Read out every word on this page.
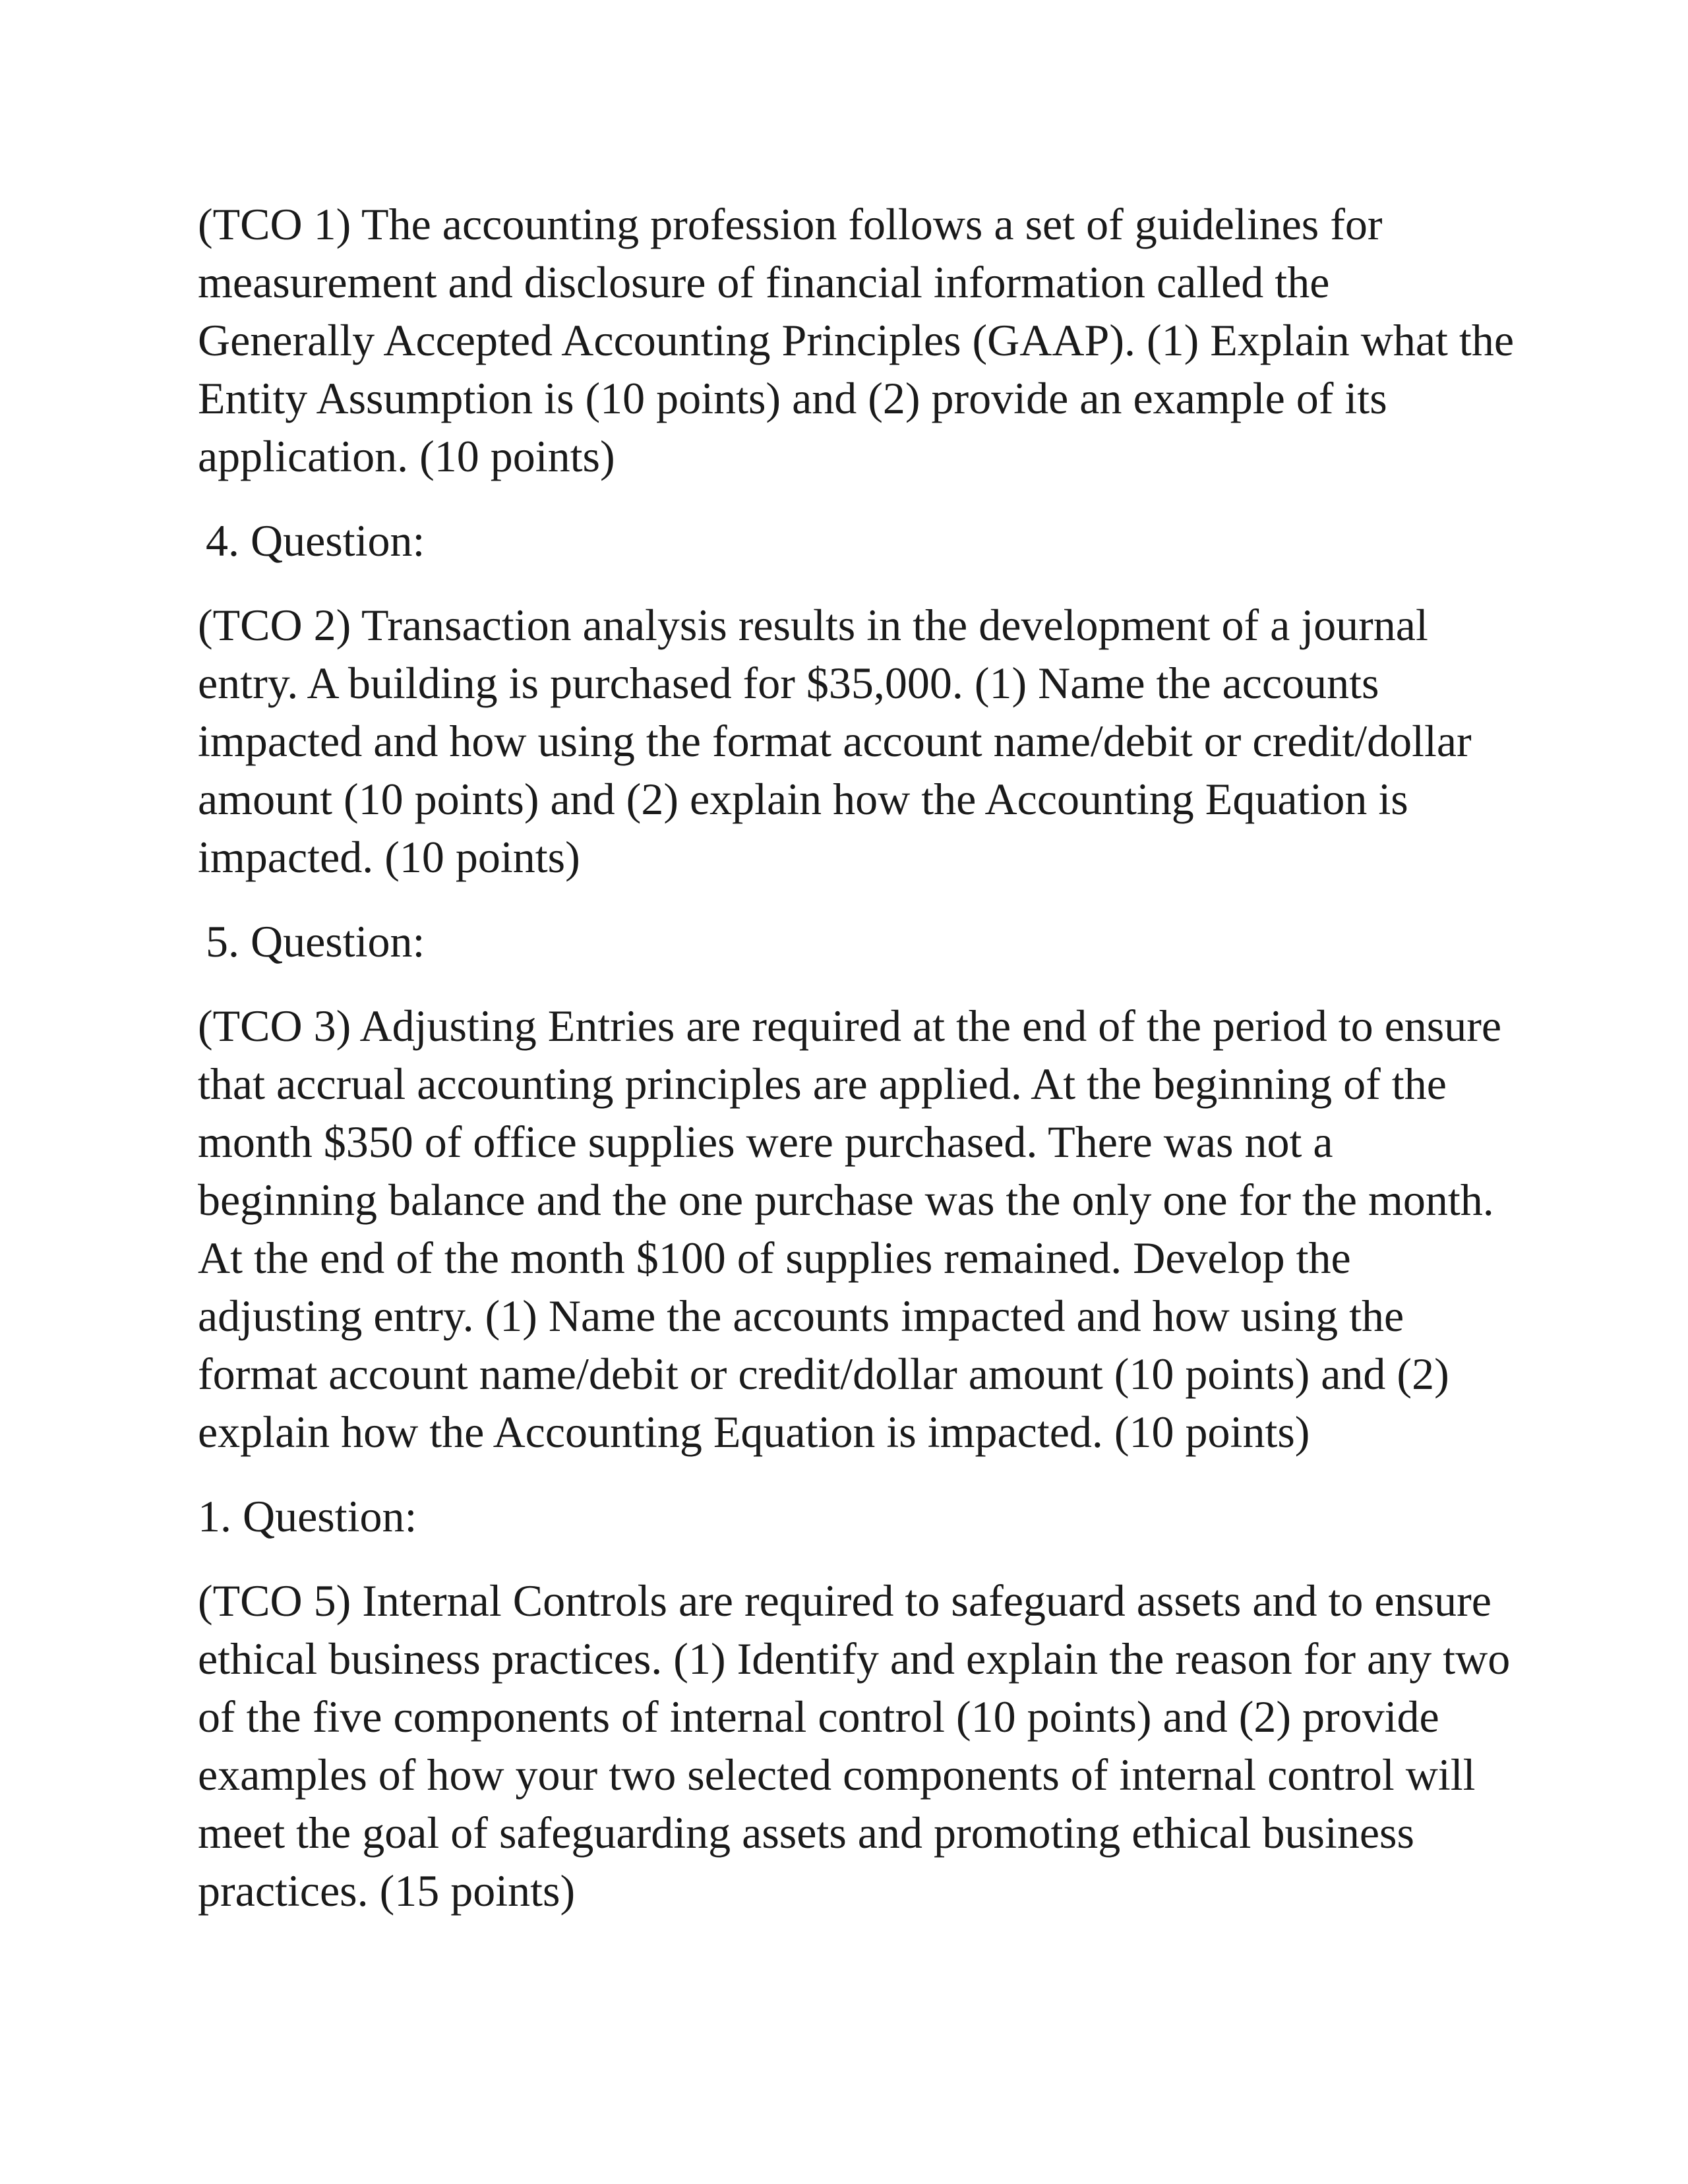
(TCO 1) The accounting profession follows a set of guidelines for measurement and disclosure of financial information called the Generally Accepted Accounting Principles (GAAP). (1) Explain what the Entity Assumption is (10 points) and (2) provide an example of its application. (10 points)

4. Question:

(TCO 2) Transaction analysis results in the development of a journal entry. A building is purchased for $35,000. (1) Name the accounts impacted and how using the format account name/debit or credit/dollar amount (10 points) and (2) explain how the Accounting Equation is impacted. (10 points)

5. Question:

(TCO 3) Adjusting Entries are required at the end of the period to ensure that accrual accounting principles are applied. At the beginning of the month $350 of office supplies were purchased. There was not a beginning balance and the one purchase was the only one for the month. At the end of the month $100 of supplies remained. Develop the adjusting entry. (1) Name the accounts impacted and how using the format account name/debit or credit/dollar amount (10 points) and (2) explain how the Accounting Equation is impacted. (10 points)

1. Question:

(TCO 5) Internal Controls are required to safeguard assets and to ensure ethical business practices. (1) Identify and explain the reason for any two of the five components of internal control (10 points) and (2) provide examples of how your two selected components of internal control will meet the goal of safeguarding assets and promoting ethical business practices. (15 points)
